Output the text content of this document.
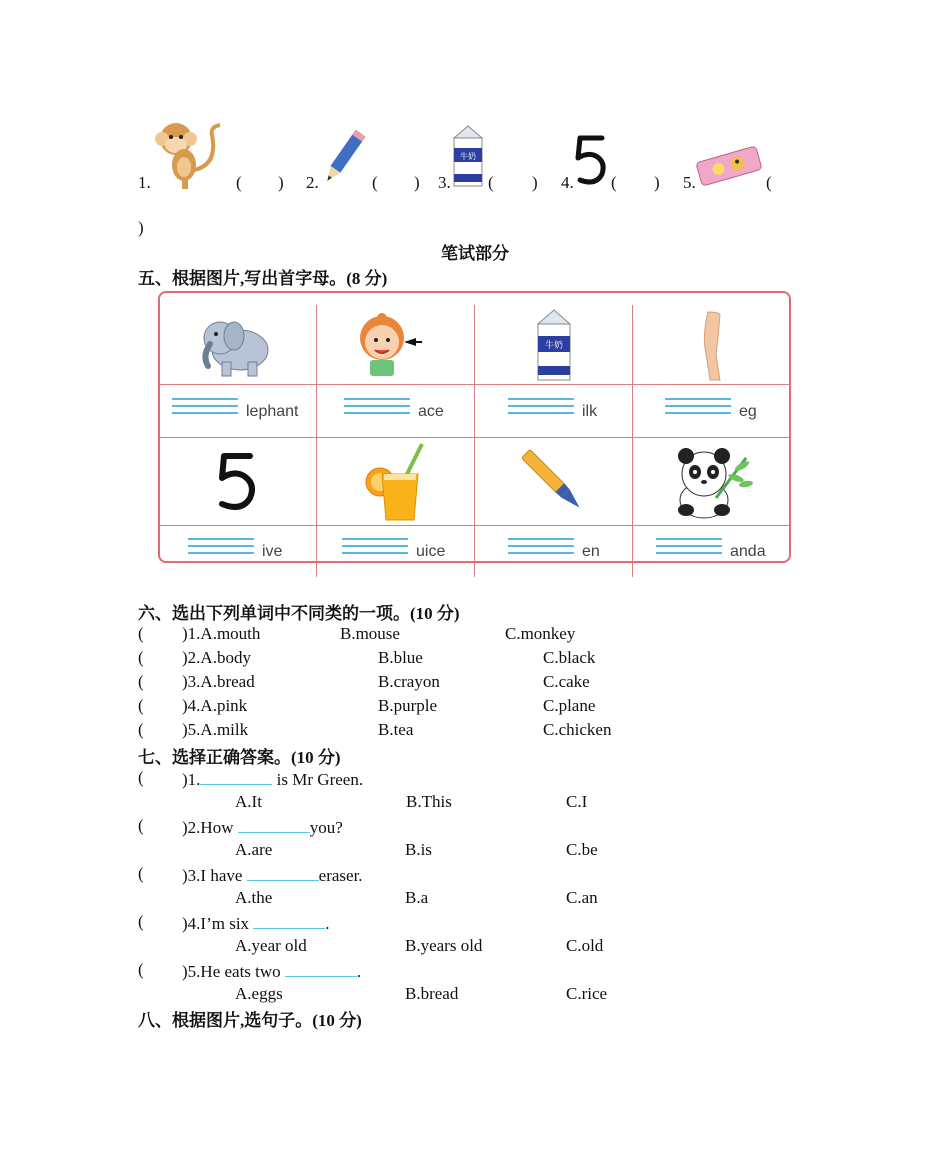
1.	( ) 2.	( ) 3.
牛奶
( ) 4. ( ) 5.	(
)
笔试部分
五、根据图片,写出首字母。(8 分)
牛奶
lephant	ace	ilk	eg
ive	uice	en	anda
六、选出下列单词中不同类的一项。(10 分)
( )1.A.mouth	B.mouse	C.monkey
( )2.A.body	B.blue	C.black
( )3.A.bread	B.crayon	C.cake
( )4.A.pink	B.purple	C.plane
( )5.A.milk	B.tea	C.chicken
七、选择正确答案。(10 分)
( )1.	is Mr Green.
A.It	B.This	C.I
( )2.How	you?
A.are	B.is	C.be
( )3.I have	eraser.
A.the	B.a	C.an
( )4.I’m six	.
A.year old	B.years old	C.old
( )5.He eats two	.
A.eggs	B.bread	C.rice
八、根据图片,选句子。(10 分)
